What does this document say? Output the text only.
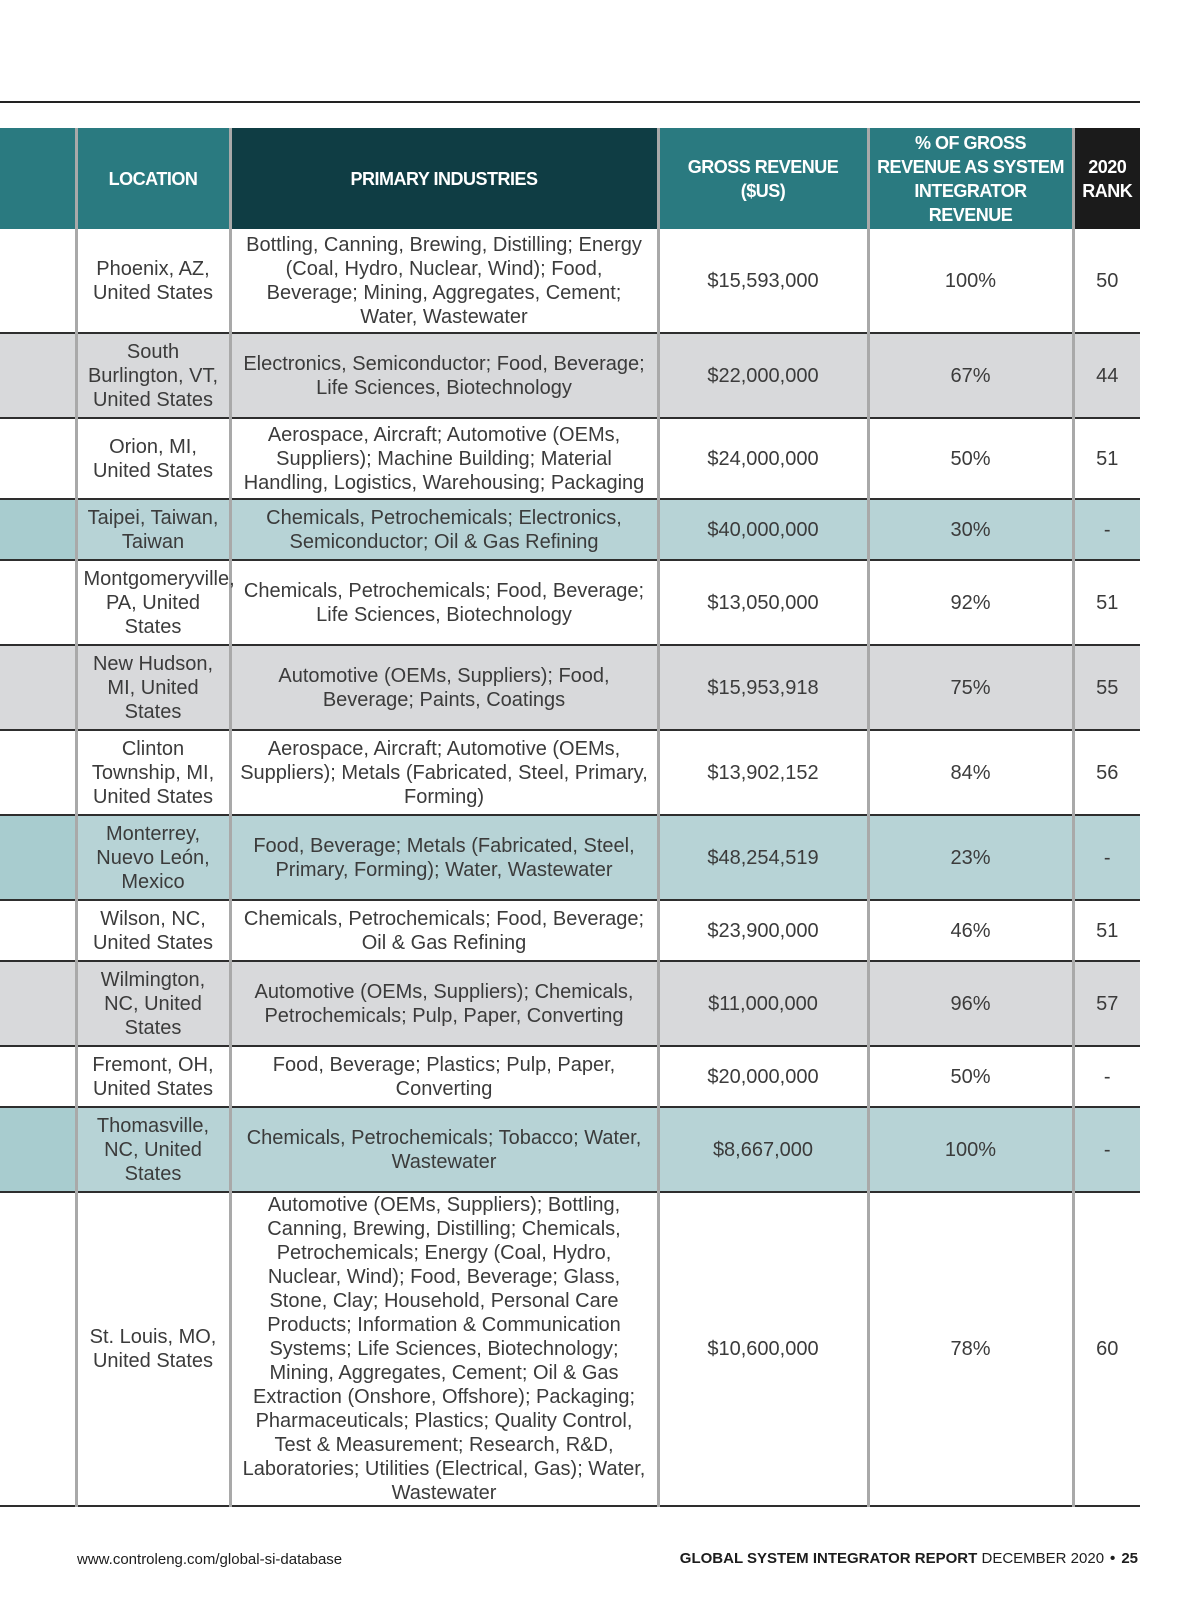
	LOCATION	PRIMARY INDUSTRIES	GROSS REVENUE ($US)	% OF GROSS REVENUE AS SYSTEM INTEGRATOR REVENUE	2020 RANK
	Phoenix, AZ, United States	Bottling, Canning, Brewing, Distilling; Energy (Coal, Hydro, Nuclear, Wind); Food, Beverage; Mining, Aggregates, Cement; Water, Wastewater	$15,593,000	100%	50
	South Burlington, VT, United States	Electronics, Semiconductor; Food, Beverage; Life Sciences, Biotechnology	$22,000,000	67%	44
	Orion, MI, United States	Aerospace, Aircraft; Automotive (OEMs, Suppliers); Machine Building; Material Handling, Logistics, Warehousing; Packaging	$24,000,000	50%	51
	Taipei, Taiwan, Taiwan	Chemicals, Petrochemicals; Electronics, Semiconductor; Oil & Gas Refining	$40,000,000	30%	-
	Montgomeryville, PA, United States	Chemicals, Petrochemicals; Food, Beverage; Life Sciences, Biotechnology	$13,050,000	92%	51
	New Hudson, MI, United States	Automotive (OEMs, Suppliers); Food, Beverage; Paints, Coatings	$15,953,918	75%	55
	Clinton Township, MI, United States	Aerospace, Aircraft; Automotive (OEMs, Suppliers); Metals (Fabricated, Steel, Primary, Forming)	$13,902,152	84%	56
	Monterrey, Nuevo León, Mexico	Food, Beverage; Metals (Fabricated, Steel, Primary, Forming); Water, Wastewater	$48,254,519	23%	-
	Wilson, NC, United States	Chemicals, Petrochemicals; Food, Beverage; Oil & Gas Refining	$23,900,000	46%	51
	Wilmington, NC, United States	Automotive (OEMs, Suppliers); Chemicals, Petrochemicals; Pulp, Paper, Converting	$11,000,000	96%	57
	Fremont, OH, United States	Food, Beverage; Plastics; Pulp, Paper, Converting	$20,000,000	50%	-
	Thomasville, NC, United States	Chemicals, Petrochemicals; Tobacco; Water, Wastewater	$8,667,000	100%	-
	St. Louis, MO, United States	Automotive (OEMs, Suppliers); Bottling, Canning, Brewing, Distilling; Chemicals, Petrochemicals; Energy (Coal, Hydro, Nuclear, Wind); Food, Beverage; Glass, Stone, Clay; Household, Personal Care Products; Information & Communication Systems; Life Sciences, Biotechnology; Mining, Aggregates, Cement; Oil & Gas Extraction (Onshore, Offshore); Packaging; Pharmaceuticals; Plastics; Quality Control, Test & Measurement; Research, R&D, Laboratories; Utilities (Electrical, Gas); Water, Wastewater	$10,600,000	78%	60
www.controleng.com/global-si-database	GLOBAL SYSTEM INTEGRATOR REPORT DECEMBER 2020 • 25
